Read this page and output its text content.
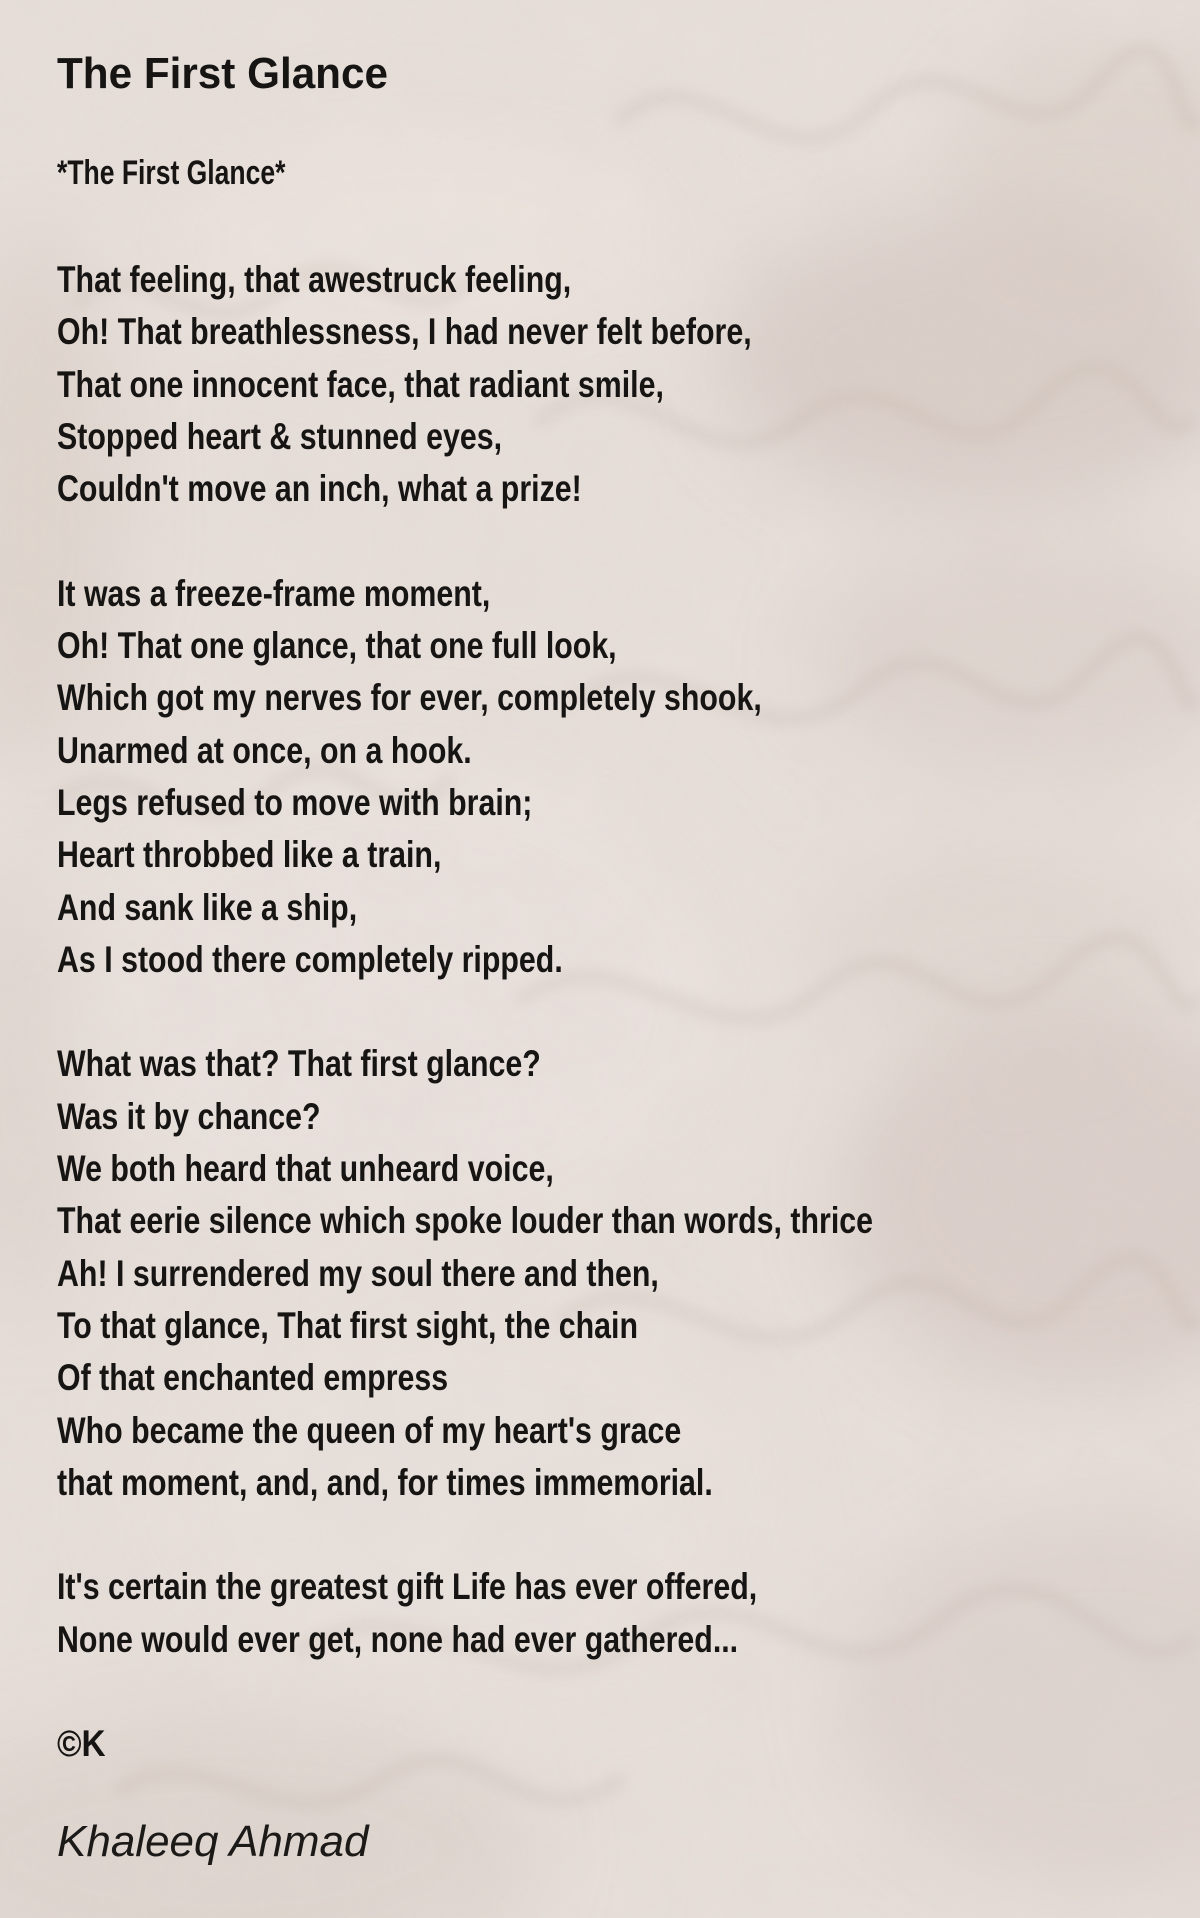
The First Glance
*The First Glance*
That feeling, that awestruck feeling,
Oh! That breathlessness, I had never felt before,
That one innocent face, that radiant smile,
Stopped heart & stunned eyes,
Couldn't move an inch, what a prize!
It was a freeze-frame moment,
Oh! That one glance, that one full look,
Which got my nerves for ever, completely shook,
Unarmed at once, on a hook.
Legs refused to move with brain;
Heart throbbed like a train,
And sank like a ship,
As I stood there completely ripped.
What was that? That first glance?
Was it by chance?
We both heard that unheard voice,
That eerie silence which spoke louder than words, thrice
Ah! I surrendered my soul there and then,
To that glance, That first sight, the chain
Of that enchanted empress
Who became the queen of my heart's grace
that moment, and, and, for times immemorial.
It's certain the greatest gift Life has ever offered,
None would ever get, none had ever gathered...
©K
Khaleeq Ahmad
